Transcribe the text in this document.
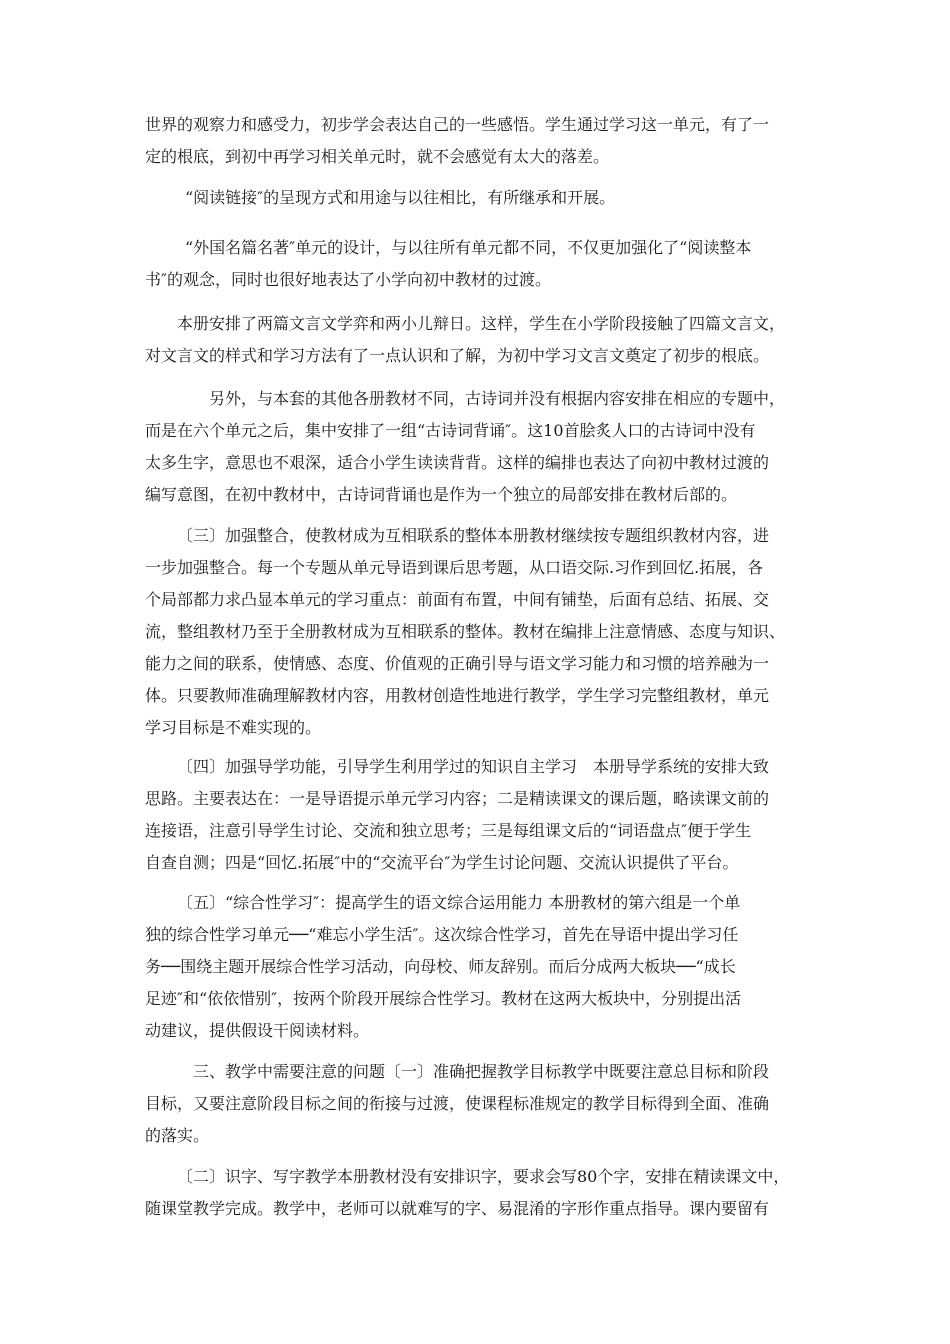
世界的观察力和感受力，初步学会表达自己的一些感悟。学生通过学习这一单元，有了一
定的根底，到初中再学习相关单元时，就不会感觉有太大的落差。
“阅读链接″的呈现方式和用途与以往相比，有所继承和开展。
“外国名篇名著″单元的设计，与以往所有单元都不同，不仅更加强化了“阅读整本
书″的观念，同时也很好地表达了小学向初中教材的过渡。
本册安排了两篇文言文学弈和两小儿辩日。这样，学生在小学阶段接触了四篇文言文，
对文言文的样式和学习方法有了一点认识和了解，为初中学习文言文奠定了初步的根底。
另外，与本套的其他各册教材不同，古诗词并没有根据内容安排在相应的专题中，
而是在六个单元之后，集中安排了一组“古诗词背诵″。这10首脍炙人口的古诗词中没有
太多生字，意思也不艰深，适合小学生读读背背。这样的编排也表达了向初中教材过渡的
编写意图，在初中教材中，古诗词背诵也是作为一个独立的局部安排在教材后部的。
〔三〕加强整合，使教材成为互相联系的整体本册教材继续按专题组织教材内容，进
一步加强整合。每一个专题从单元导语到课后思考题，从口语交际.习作到回忆.拓展，各
个局部都力求凸显本单元的学习重点：前面有布置，中间有铺垫，后面有总结、拓展、交
流，整组教材乃至于全册教材成为互相联系的整体。教材在编排上注意情感、态度与知识、
能力之间的联系，使情感、态度、价值观的正确引导与语文学习能力和习惯的培养融为一
体。只要教师准确理解教材内容，用教材创造性地进行教学，学生学习完整组教材，单元
学习目标是不难实现的。
〔四〕加强导学功能，引导学生利用学过的知识自主学习　本册导学系统的安排大致
思路。主要表达在：一是导语提示单元学习内容；二是精读课文的课后题，略读课文前的
连接语，注意引导学生讨论、交流和独立思考；三是每组课文后的“词语盘点″便于学生
自查自测；四是“回忆.拓展″中的“交流平台″为学生讨论问题、交流认识提供了平台。
〔五〕“综合性学习″：提高学生的语文综合运用能力 本册教材的第六组是一个单
独的综合性学习单元──“难忘小学生活″。这次综合性学习，首先在导语中提出学习任
务──围绕主题开展综合性学习活动，向母校、师友辞别。而后分成两大板块──“成长
足迹″和“依依惜别″，按两个阶段开展综合性学习。教材在这两大板块中，分别提出活
动建议，提供假设干阅读材料。
三、教学中需要注意的问题〔一〕准确把握教学目标教学中既要注意总目标和阶段
目标，又要注意阶段目标之间的衔接与过渡，使课程标准规定的教学目标得到全面、准确
的落实。
〔二〕识字、写字教学本册教材没有安排识字，要求会写80个字，安排在精读课文中，
随课堂教学完成。教学中，老师可以就难写的字、易混淆的字形作重点指导。课内要留有
